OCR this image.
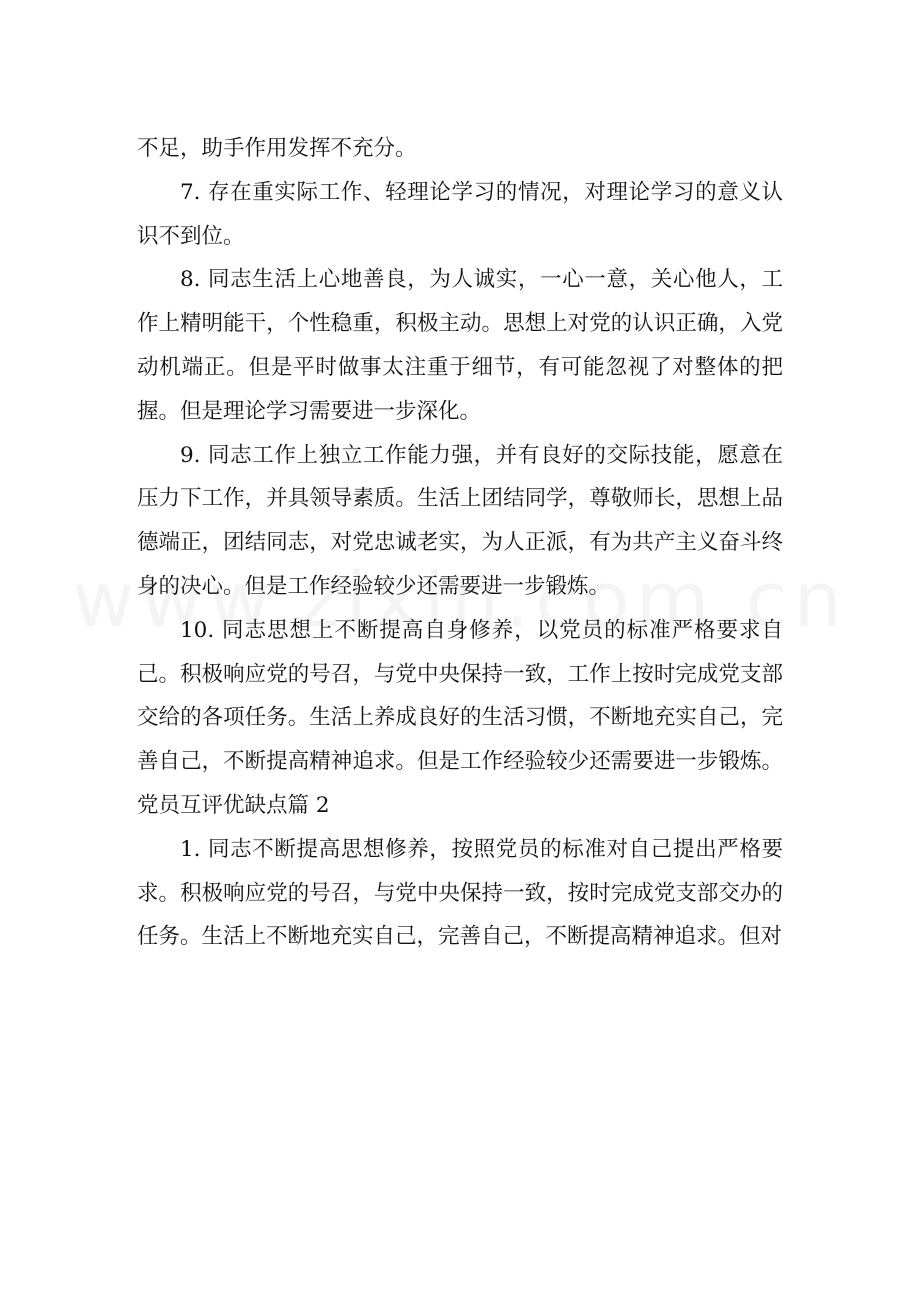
不足，助手作用发挥不充分。

7. 存在重实际工作、轻理论学习的情况，对理论学习的意义认识不到位。

8. 同志生活上心地善良，为人诚实，一心一意，关心他人，工作上精明能干，个性稳重，积极主动。思想上对党的认识正确，入党动机端正。但是平时做事太注重于细节，有可能忽视了对整体的把握。但是理论学习需要进一步深化。

9. 同志工作上独立工作能力强，并有良好的交际技能，愿意在压力下工作，并具领导素质。生活上团结同学，尊敬师长，思想上品德端正，团结同志，对党忠诚老实，为人正派，有为共产主义奋斗终身的决心。但是工作经验较少还需要进一步锻炼。

10. 同志思想上不断提高自身修养，以党员的标准严格要求自己。积极响应党的号召，与党中央保持一致，工作上按时完成党支部交给的各项任务。生活上养成良好的生活习惯，不断地充实自己，完善自己，不断提高精神追求。但是工作经验较少还需要进一步锻炼。党员互评优缺点篇 2

1. 同志不断提高思想修养，按照党员的标准对自己提出严格要求。积极响应党的号召，与党中央保持一致，按时完成党支部交办的任务。生活上不断地充实自己，完善自己，不断提高精神追求。但对
